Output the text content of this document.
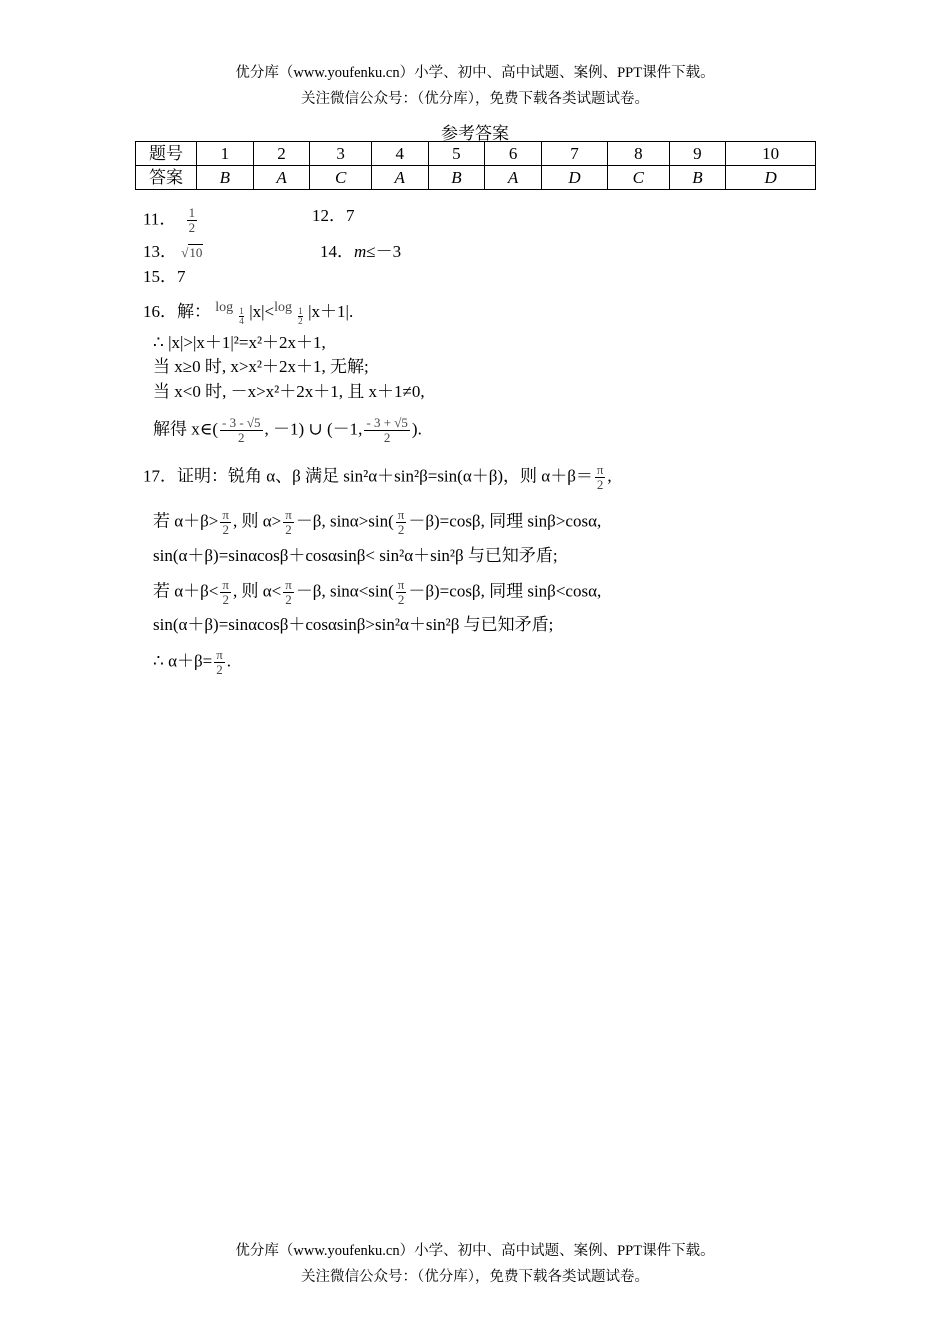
优分库（www.youfenku.cn）小学、初中、高中试题、案例、PPT课件下载。
关注微信公众号：（优分库），免费下载各类试题试卷。
参考答案
题号	1	2	3	4	5	6	7	8	9	10
答案	B	A	C	A	B	A	D	C	B	D
11． $\frac{1}{2}$	12．7
13． √10	14．m≤－3
15．7
16．解： log 1
4 |x|<log 1
2 |x＋1|.
∴ |x|>|x＋1|²=x²＋2x＋1,
当 x≥0 时, x>x²＋2x＋1, 无解;
当 x<0 时, －x>x²＋2x＋1, 且 x＋1≠0,
解得 x∈( $\frac{- 3 - √5}{2}$ , －1) ∪ (－1, $\frac{- 3 + √5}{2}$ ).
17．证明：锐角 α、β 满足 sin²α＋sin²β=sin(α＋β)，则 $\alpha+\beta= \frac{\pi}{2}$ ,
若 $\alpha+\beta> \frac{\pi}{2}$ , 则 $\alpha> \frac{\pi}{2} -\beta$, $\sin\alpha>\sin( \frac{\pi}{2} -\beta)=\cos\beta$, 同理 sinβ>cosα,
sin(α＋β)=sinαcosβ＋cosαsinβ< sin²α＋sin²β 与已知矛盾;
若 $\alpha+\beta< \frac{\pi}{2}$ , 则 $\alpha< \frac{\pi}{2} -\beta$, $\sin\alpha<\sin( \frac{\pi}{2} -\beta)=\cos\beta$, 同理 sinβ<cosα,
sin(α＋β)=sinαcosβ＋cosαsinβ>sin²α＋sin²β 与已知矛盾;
∴ $\alpha+\beta= \frac{\pi}{2}$ .
优分库（www.youfenku.cn）小学、初中、高中试题、案例、PPT课件下载。
关注微信公众号：（优分库），免费下载各类试题试卷。
